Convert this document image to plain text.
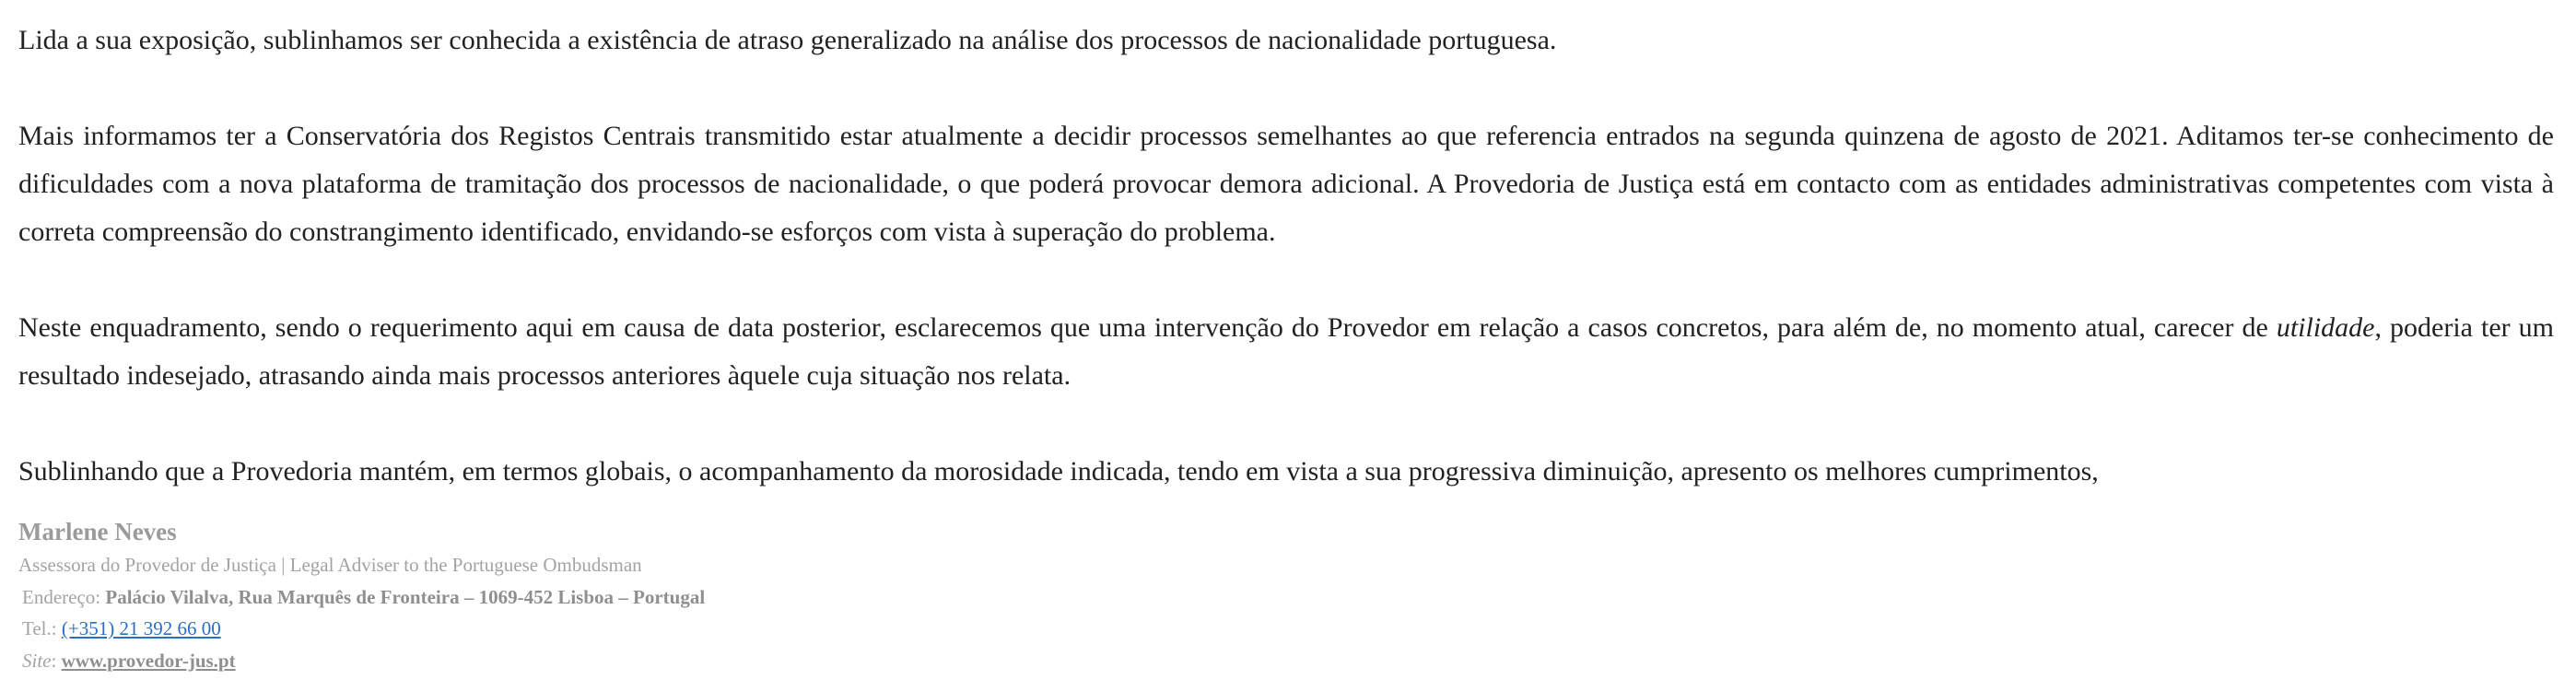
Lida a sua exposição, sublinhamos ser conhecida a existência de atraso generalizado na análise dos processos de nacionalidade portuguesa.

Mais informamos ter a Conservatória dos Registos Centrais transmitido estar atualmente a decidir processos semelhantes ao que referencia entrados na segunda quinzena de agosto de 2021. Aditamos ter-se conhecimento de dificuldades com a nova plataforma de tramitação dos processos de nacionalidade, o que poderá provocar demora adicional. A Provedoria de Justiça está em contacto com as entidades administrativas competentes com vista à correta compreensão do constrangimento identificado, envidando-se esforços com vista à superação do problema.

Neste enquadramento, sendo o requerimento aqui em causa de data posterior, esclarecemos que uma intervenção do Provedor em relação a casos concretos, para além de, no momento atual, carecer de utilidade, poderia ter um resultado indesejado, atrasando ainda mais processos anteriores àquele cuja situação nos relata.

Sublinhando que a Provedoria mantém, em termos globais, o acompanhamento da morosidade indicada, tendo em vista a sua progressiva diminuição, apresento os melhores cumprimentos,

Marlene Neves

Assessora do Provedor de Justiça | Legal Adviser to the Portuguese Ombudsman

Endereço: Palácio Vilalva, Rua Marquês de Fronteira – 1069-452 Lisboa – Portugal

Tel.: (+351) 21 392 66 00

Site: www.provedor-jus.pt
